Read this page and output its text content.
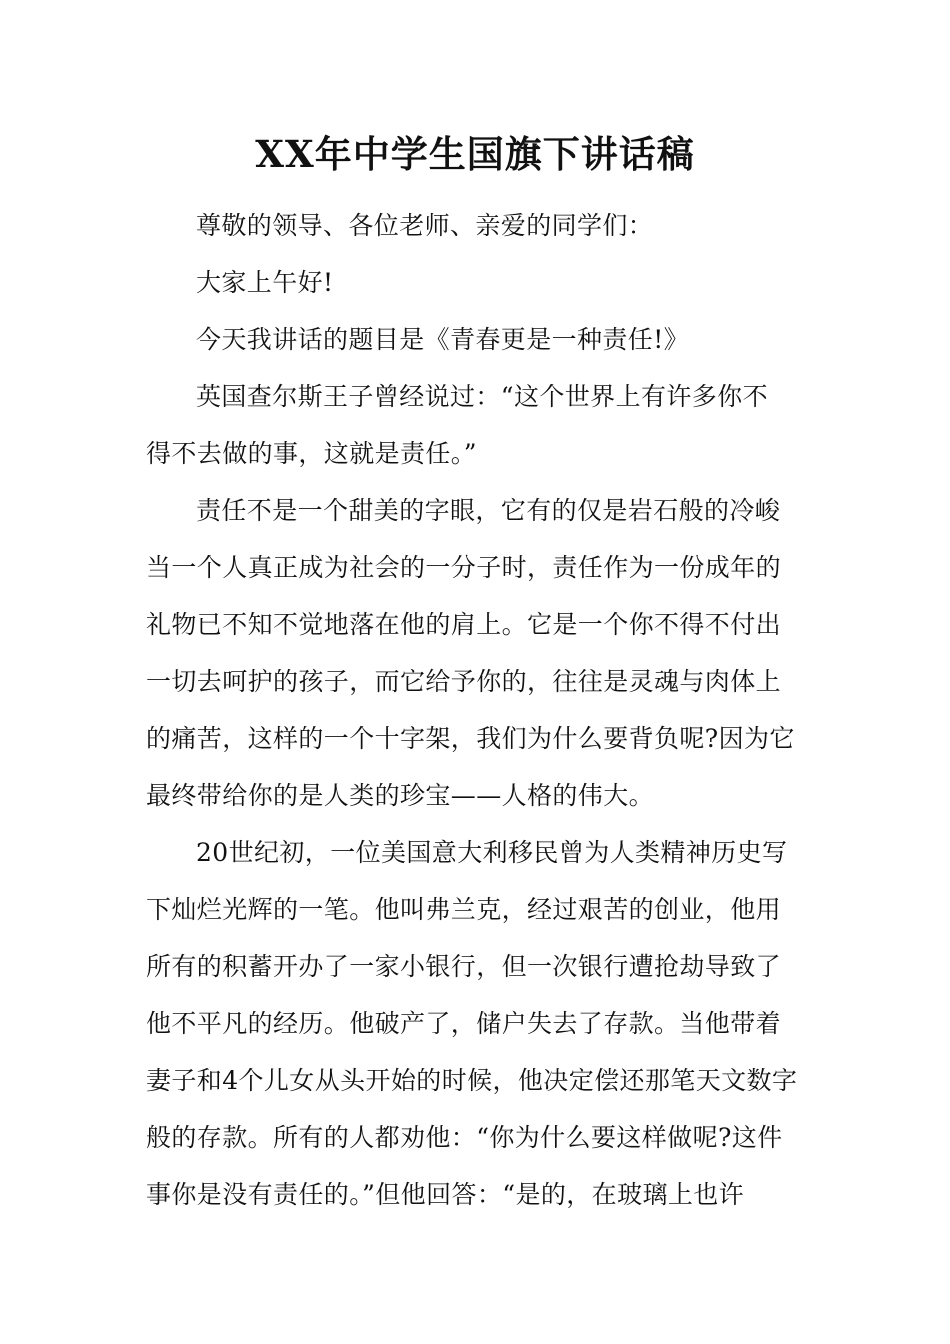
XX年中学生国旗下讲话稿

尊敬的领导、各位老师、亲爱的同学们：

大家上午好!

今天我讲话的题目是《青春更是一种责任!》

英国查尔斯王子曾经说过：“这个世界上有许多你不

得不去做的事，这就是责任。”

责任不是一个甜美的字眼，它有的仅是岩石般的冷峻

当一个人真正成为社会的一分子时，责任作为一份成年的

礼物已不知不觉地落在他的肩上。它是一个你不得不付出

一切去呵护的孩子，而它给予你的，往往是灵魂与肉体上

的痛苦，这样的一个十字架，我们为什么要背负呢?因为它

最终带给你的是人类的珍宝——人格的伟大。

20世纪初，一位美国意大利移民曾为人类精神历史写

下灿烂光辉的一笔。他叫弗兰克，经过艰苦的创业，他用

所有的积蓄开办了一家小银行，但一次银行遭抢劫导致了

他不平凡的经历。他破产了，储户失去了存款。当他带着

妻子和4个儿女从头开始的时候，他决定偿还那笔天文数字

般的存款。所有的人都劝他：“你为什么要这样做呢?这件

事你是没有责任的。”但他回答：“是的，在玻璃上也许
